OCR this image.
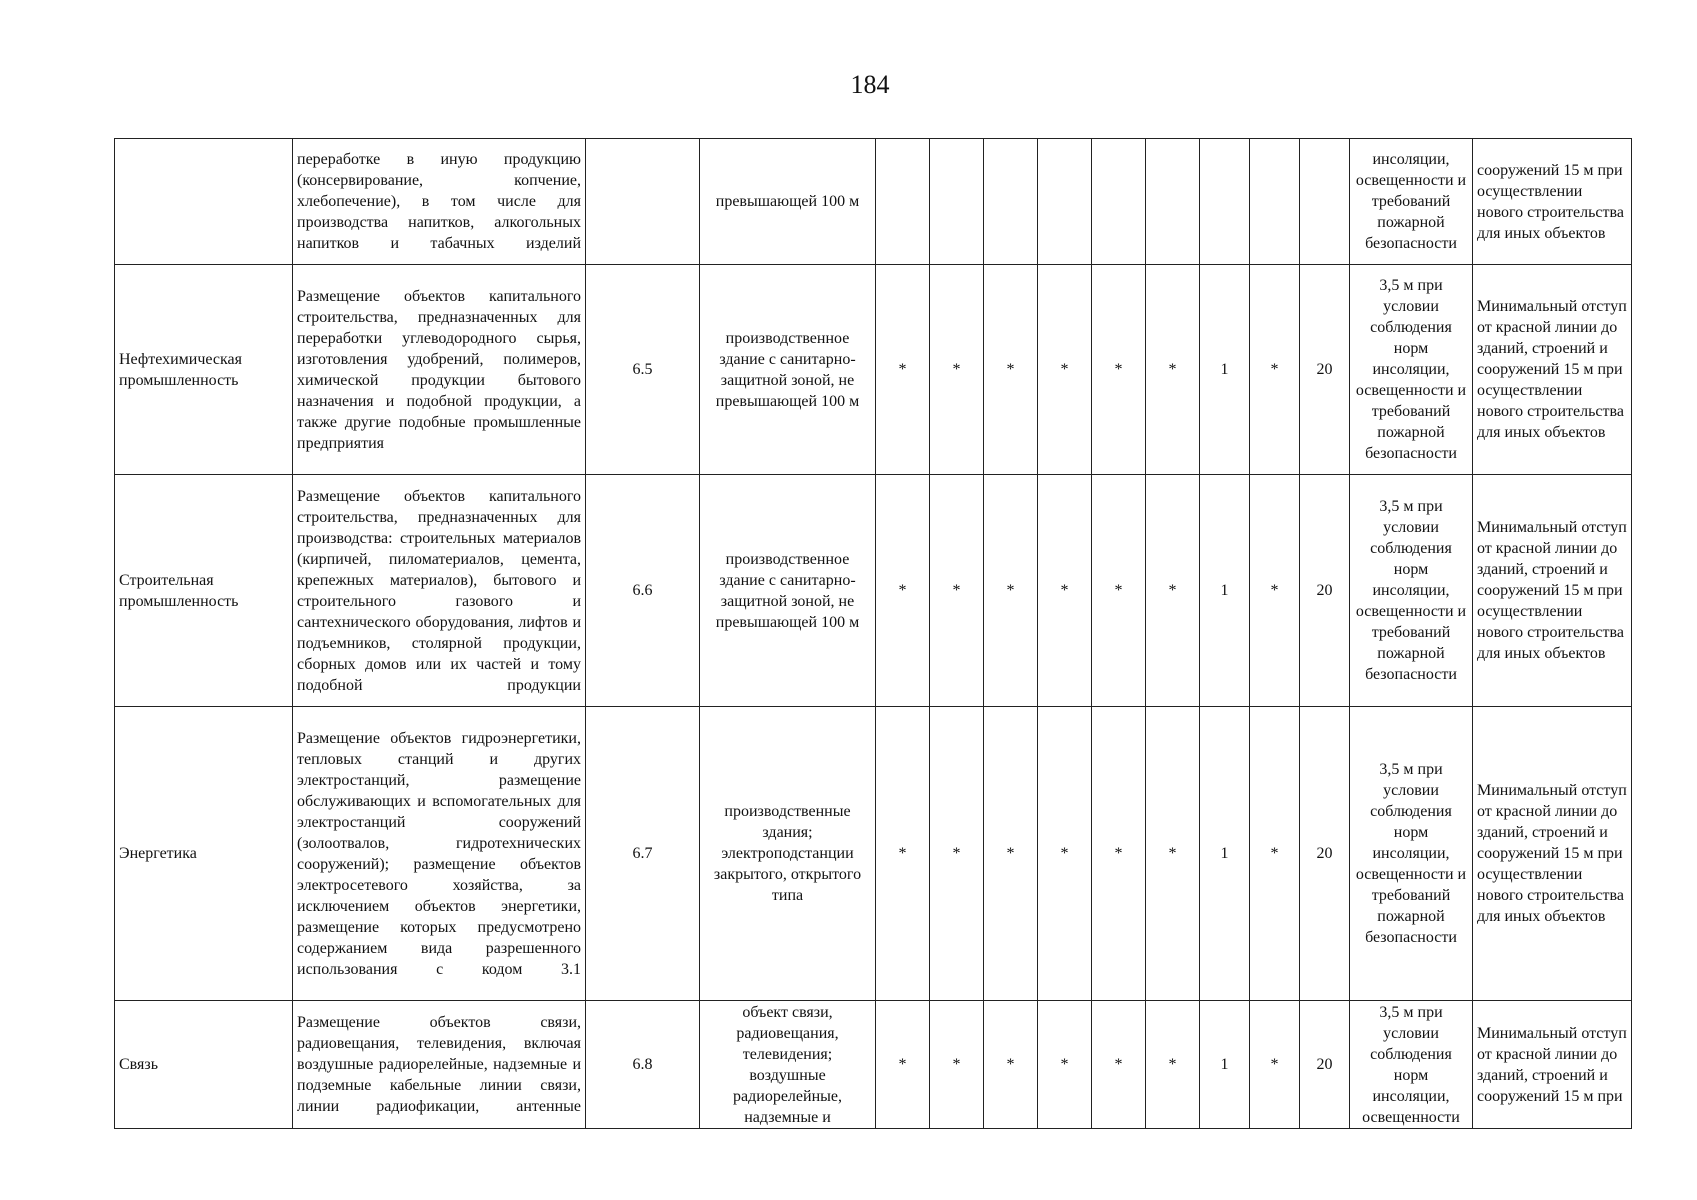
184

	переработке в иную продукцию (консервирование, копчение, хлебопечение), в том числе для производства напитков, алкогольных напитков и табачных изделий		превышающей 100 м										инсоляции, освещенности и требований пожарной безопасности	сооружений 15 м при осуществлении нового строительства для иных объектов
Нефтехимическая промышленность	Размещение объектов капитального строительства, предназначенных для переработки углеводородного сырья, изготовления удобрений, полимеров, химической продукции бытового назначения и подобной продукции, а также другие подобные промышленные предприятия	6.5	производственное здание с санитарно-защитной зоной, не превышающей 100 м	*	*	*	*	*	*	1	*	20	3,5 м при условии соблюдения норм инсоляции, освещенности и требований пожарной безопасности	Минимальный отступ от красной линии до зданий, строений и сооружений 15 м при осуществлении нового строительства для иных объектов
Строительная промышленность	Размещение объектов капитального строительства, предназначенных для производства: строительных материалов (кирпичей, пиломатериалов, цемента, крепежных материалов), бытового и строительного газового и сантехнического оборудования, лифтов и подъемников, столярной продукции, сборных домов или их частей и тому подобной продукции	6.6	производственное здание с санитарно-защитной зоной, не превышающей 100 м	*	*	*	*	*	*	1	*	20	3,5 м при условии соблюдения норм инсоляции, освещенности и требований пожарной безопасности	Минимальный отступ от красной линии до зданий, строений и сооружений 15 м при осуществлении нового строительства для иных объектов
Энергетика	Размещение объектов гидроэнергетики, тепловых станций и других электростанций, размещение обслуживающих и вспомогательных для электростанций сооружений (золоотвалов, гидротехнических сооружений); размещение объектов электросетевого хозяйства, за исключением объектов энергетики, размещение которых предусмотрено содержанием вида разрешенного использования с кодом 3.1	6.7	производственные здания; электроподстанции закрытого, открытого типа	*	*	*	*	*	*	1	*	20	3,5 м при условии соблюдения норм инсоляции, освещенности и требований пожарной безопасности	Минимальный отступ от красной линии до зданий, строений и сооружений 15 м при осуществлении нового строительства для иных объектов
Связь	Размещение объектов связи, радиовещания, телевидения, включая воздушные радиорелейные, надземные и подземные кабельные линии связи, линии радиофикации, антенные	6.8	объект связи, радиовещания, телевидения; воздушные радиорелейные, надземные и	*	*	*	*	*	*	1	*	20	3,5 м при условии соблюдения норм инсоляции, освещенности	Минимальный отступ от красной линии до зданий, строений и сооружений 15 м при
